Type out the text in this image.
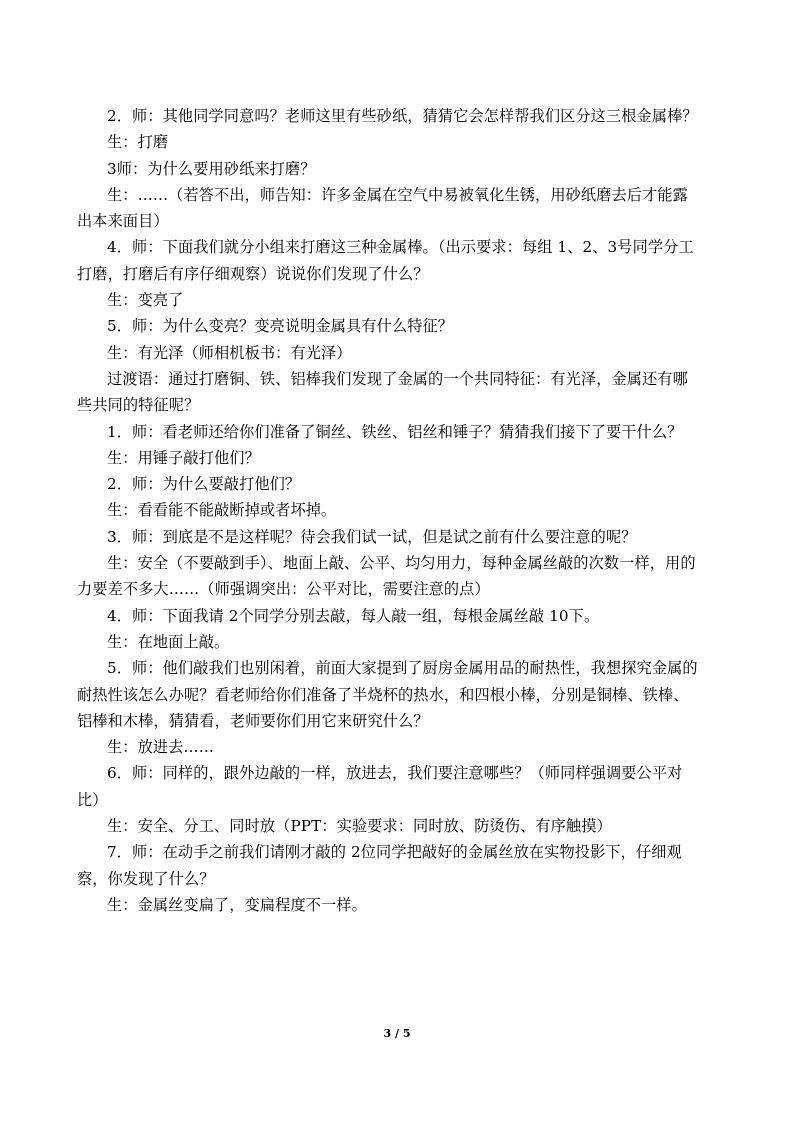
2．师：其他同学同意吗？老师这里有些砂纸，猜猜它会怎样帮我们区分这三根金属棒？

生：打磨

3师：为什么要用砂纸来打磨？

生：……（若答不出，师告知：许多金属在空气中易被氧化生锈，用砂纸磨去后才能露
出本来面目）

4．师：下面我们就分小组来打磨这三种金属棒。（出示要求：每组 1、2、3号同学分工
打磨，打磨后有序仔细观察）说说你们发现了什么？

生：变亮了

5．师：为什么变亮？变亮说明金属具有什么特征？

生：有光泽（师相机板书：有光泽）

过渡语：通过打磨铜、铁、铝棒我们发现了金属的一个共同特征：有光泽，金属还有哪
些共同的特征呢？

1．师：看老师还给你们准备了铜丝、铁丝、铝丝和锤子？猜猜我们接下了要干什么？

生：用锤子敲打他们？

2．师：为什么要敲打他们？

生：看看能不能敲断掉或者坏掉。

3．师：到底是不是这样呢？待会我们试一试，但是试之前有什么要注意的呢？

生：安全（不要敲到手）、地面上敲、公平、均匀用力，每种金属丝敲的次数一样，用的
力要差不多大……（师强调突出：公平对比，需要注意的点）

4．师：下面我请 2个同学分别去敲，每人敲一组，每根金属丝敲 10下。

生：在地面上敲。

5．师：他们敲我们也别闲着，前面大家提到了厨房金属用品的耐热性，我想探究金属的
耐热性该怎么办呢？看老师给你们准备了半烧杯的热水，和四根小棒，分别是铜棒、铁棒、
铝棒和木棒，猜猜看，老师要你们用它来研究什么？

生：放进去……

6．师：同样的，跟外边敲的一样，放进去，我们要注意哪些？（师同样强调要公平对
比）

生：安全、分工、同时放（PPT：实验要求：同时放、防烫伤、有序触摸）

7．师：在动手之前我们请刚才敲的 2位同学把敲好的金属丝放在实物投影下，仔细观
察，你发现了什么？

生：金属丝变扁了，变扁程度不一样。

3 / 5
